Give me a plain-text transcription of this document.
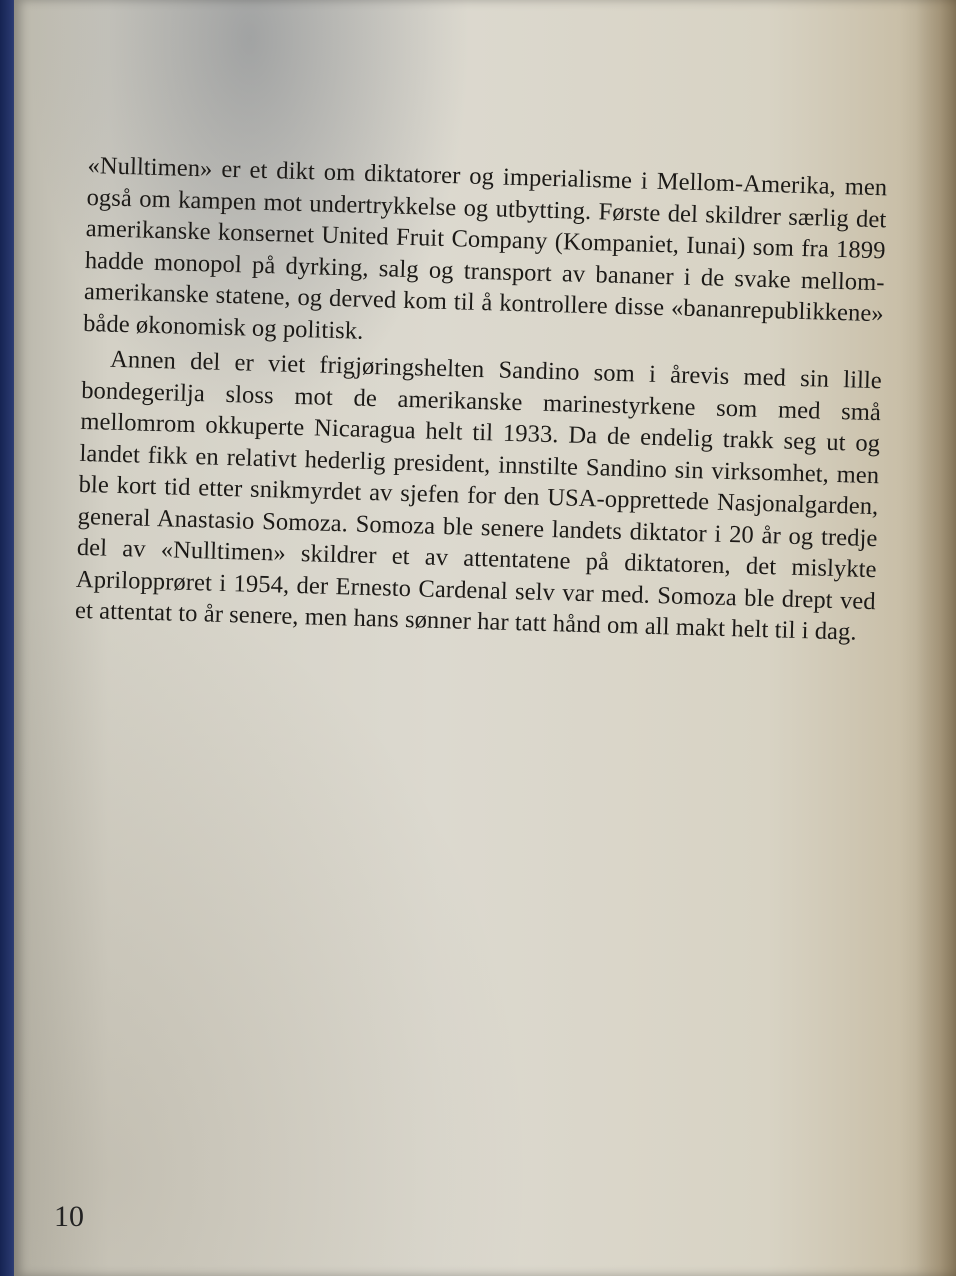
«Nulltimen» er et dikt om diktatorer og imperialisme i Mellom-Amerika, men også om kampen mot undertrykkelse og utbytting. Første del skildrer særlig det amerikanske konsernet United Fruit Company (Kompaniet, Iunai) som fra 1899 hadde monopol på dyrking, salg og transport av bananer i de svake mellom-amerikanske statene, og derved kom til å kontrollere disse «bananrepublikkene» både økonomisk og politisk.

Annen del er viet frigjøringshelten Sandino som i årevis med sin lille bondegerilja sloss mot de amerikanske marinestyrkene som med små mellomrom okkuperte Nicaragua helt til 1933. Da de endelig trakk seg ut og landet fikk en relativt hederlig president, innstilte Sandino sin virksomhet, men ble kort tid etter snikmyrdet av sjefen for den USA-opprettede Nasjonalgarden, general Anastasio Somoza. Somoza ble senere landets diktator i 20 år og tredje del av «Nulltimen» skildrer et av attentatene på diktatoren, det mislykte Aprilopprøret i 1954, der Ernesto Cardenal selv var med. Somoza ble drept ved et attentat to år senere, men hans sønner har tatt hånd om all makt helt til i dag.

10
